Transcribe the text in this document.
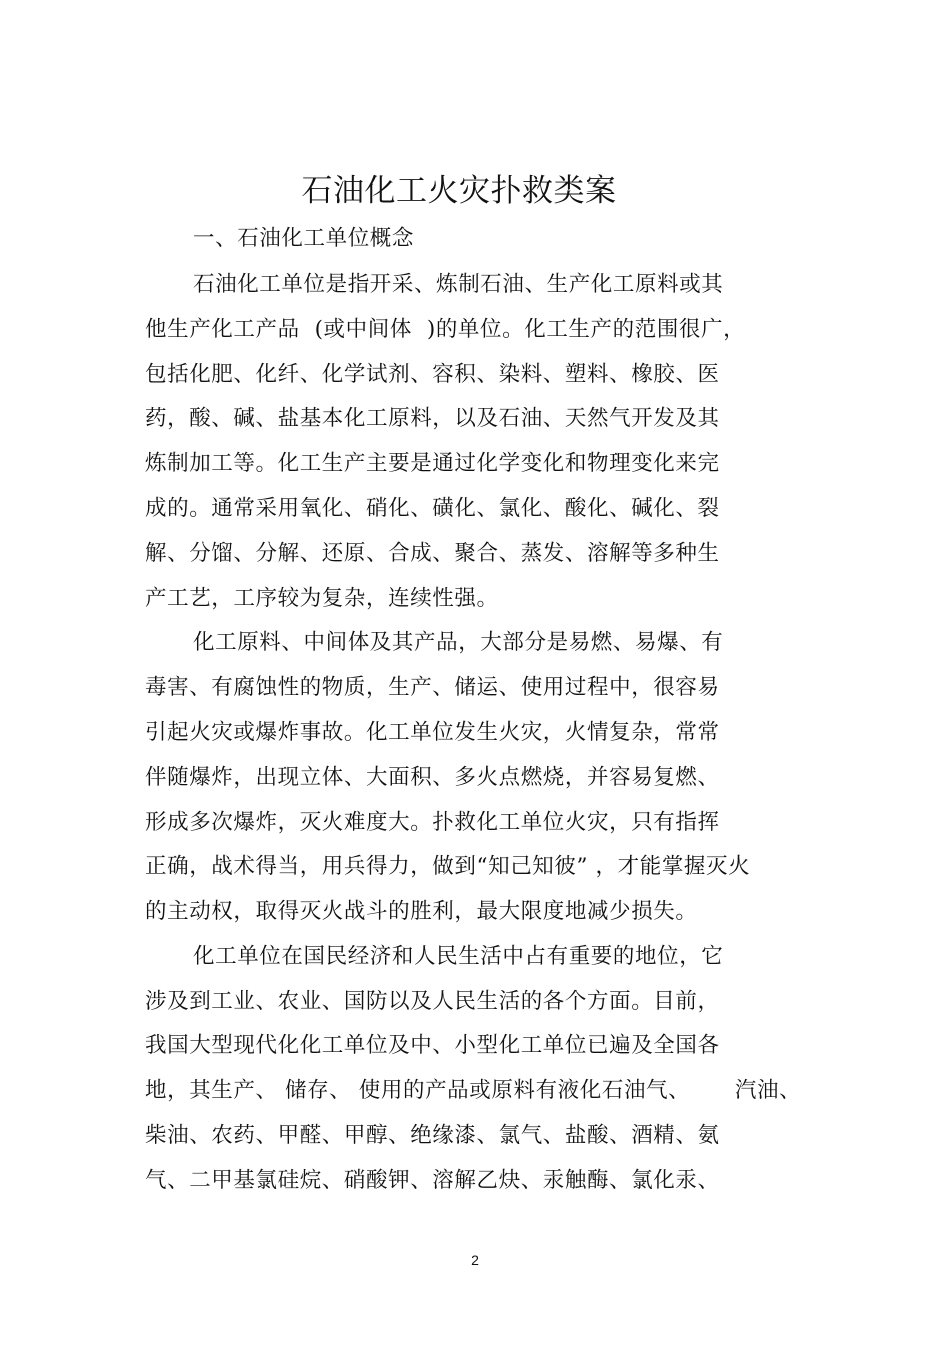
石油化工火灾扑救类案

一、石油化工单位概念

石油化工单位是指开采、炼制石油、生产化工原料或其

他生产化工产品  (或中间体  )的单位。化工生产的范围很广，

包括化肥、化纤、化学试剂、容积、染料、塑料、橡胶、医

药，酸、碱、盐基本化工原料，以及石油、天然气开发及其

炼制加工等。化工生产主要是通过化学变化和物理变化来完

成的。通常采用氧化、硝化、磺化、氯化、酸化、碱化、裂

解、分馏、分解、还原、合成、聚合、蒸发、溶解等多种生

产工艺，工序较为复杂，连续性强。

化工原料、中间体及其产品，大部分是易燃、易爆、有

毒害、有腐蚀性的物质，生产、储运、使用过程中，很容易

引起火灾或爆炸事故。化工单位发生火灾，火情复杂，常常

伴随爆炸，出现立体、大面积、多火点燃烧，并容易复燃、

形成多次爆炸，灭火难度大。扑救化工单位火灾，只有指挥

正确，战术得当，用兵得力，做到“知己知彼” ，才能掌握灭火

的主动权，取得灭火战斗的胜利，最大限度地减少损失。

化工单位在国民经济和人民生活中占有重要的地位，它

涉及到工业、农业、国防以及人民生活的各个方面。目前，

我国大型现代化化工单位及中、小型化工单位已遍及全国各

地，其生产、 储存、 使用的产品或原料有液化石油气、      汽油、

柴油、农药、甲醛、甲醇、绝缘漆、氯气、盐酸、酒精、氨

气、二甲基氯硅烷、硝酸钾、溶解乙炔、汞触酶、氯化汞、

2
